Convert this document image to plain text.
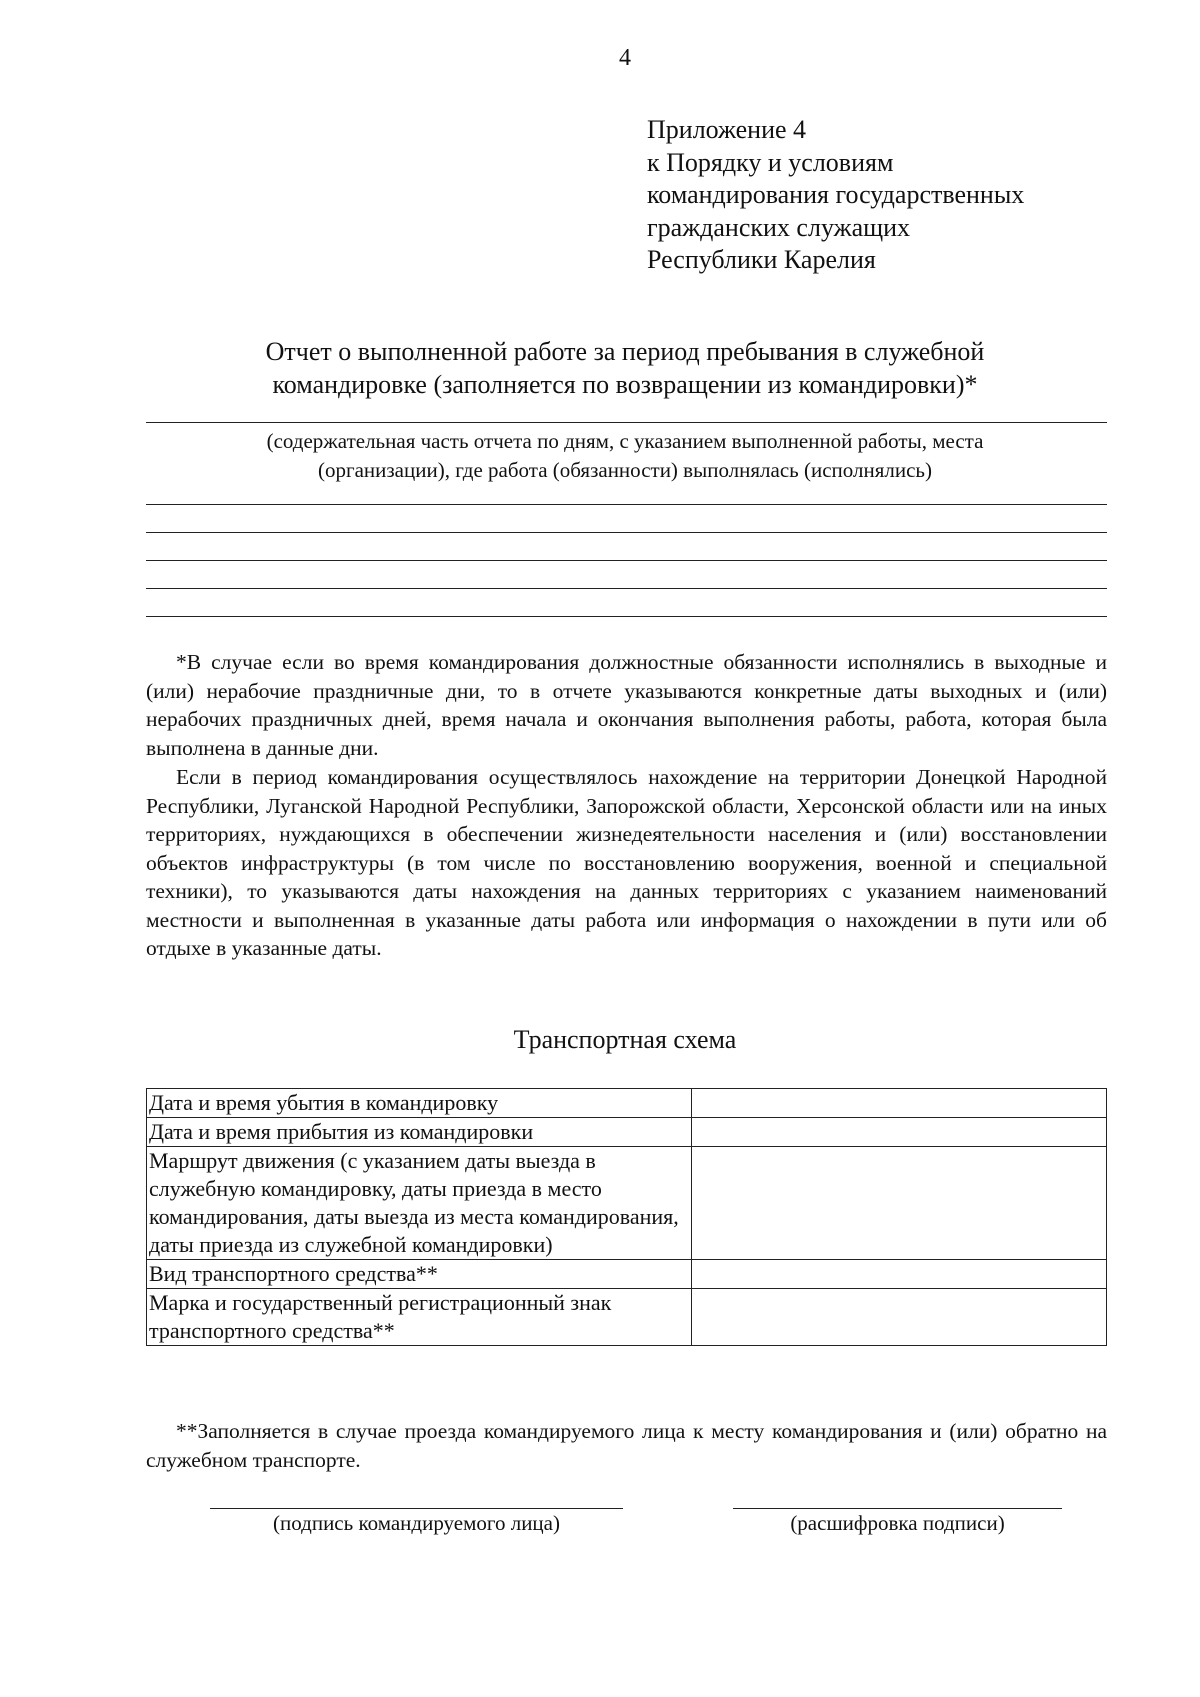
4
Приложение 4
к Порядку и условиям
командирования государственных
гражданских служащих
Республики Карелия
Отчет о выполненной работе за период пребывания в служебной
командировке (заполняется по возвращении из командировки)*
(содержательная часть отчета по дням, с указанием выполненной работы, места
(организации), где работа (обязанности) выполнялась (исполнялись)

*В случае если во время командирования должностные обязанности исполнялись в выходные и (или) нерабочие праздничные дни, то в отчете указываются конкретные даты выходных и (или) нерабочих праздничных дней, время начала и окончания выполнения работы, работа, которая была выполнена в данные дни.

Если в период командирования осуществлялось нахождение на территории Донецкой Народной Республики, Луганской Народной Республики, Запорожской области, Херсонской области или на иных территориях, нуждающихся в обеспечении жизнедеятельности населения и (или) восстановлении объектов инфраструктуры (в том числе по восстановлению вооружения, военной и специальной техники), то указываются даты нахождения на данных территориях с указанием наименований местности и выполненная в указанные даты работа или информация о нахождении в пути или об отдыхе в указанные даты.

Транспортная схема
Дата и время убытия в командировку	
Дата и время прибытия из командировки	
Маршрут движения (с указанием даты выезда в служебную командировку, даты приезда в место командирования, даты выезда из места командирования, даты приезда из служебной командировки)	
Вид транспортного средства**	
Марка и государственный регистрационный знак транспортного средства**	

**Заполняется в случае проезда командируемого лица к месту командирования и (или) обратно на служебном транспорте.

(подпись командируемого лица)	(расшифровка подписи)
